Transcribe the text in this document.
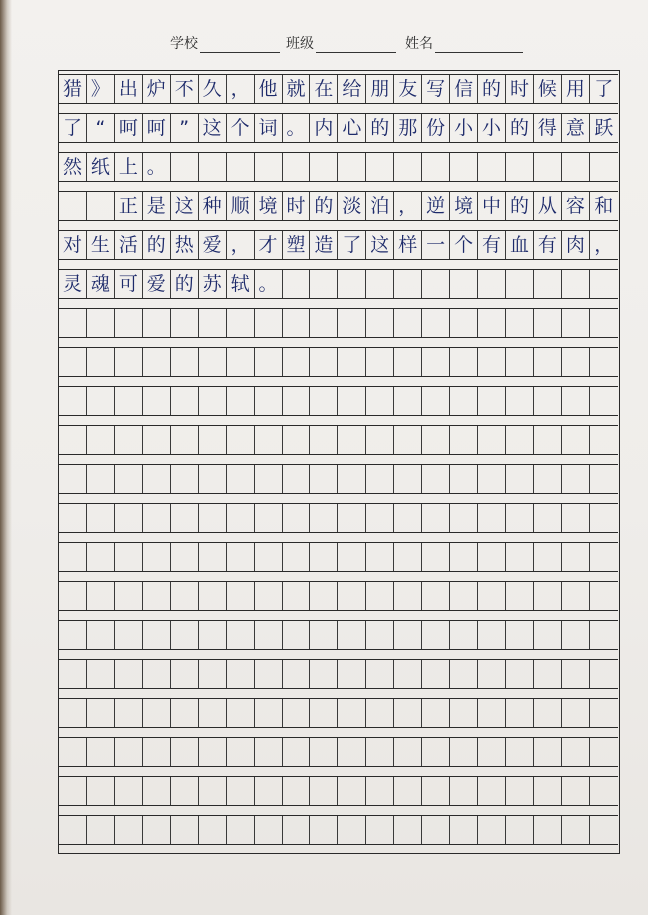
学校	班级	姓名
猎 》 出 炉 不 久 ， 他 就 在 给 朋 友 写 信 的 时 候 用 了
了 “ 呵 呵 ” 这 个 词 。 内 心 的 那 份 小 小 的 得 意 跃
然 纸 上 。
正 是 这 种 顺 境 时 的 淡 泊 ， 逆 境 中 的 从 容 和
对 生 活 的 热 爱 ， 才 塑 造 了 这 样 一 个 有 血 有 肉 ，
灵 魂 可 爱 的 苏 轼 。
